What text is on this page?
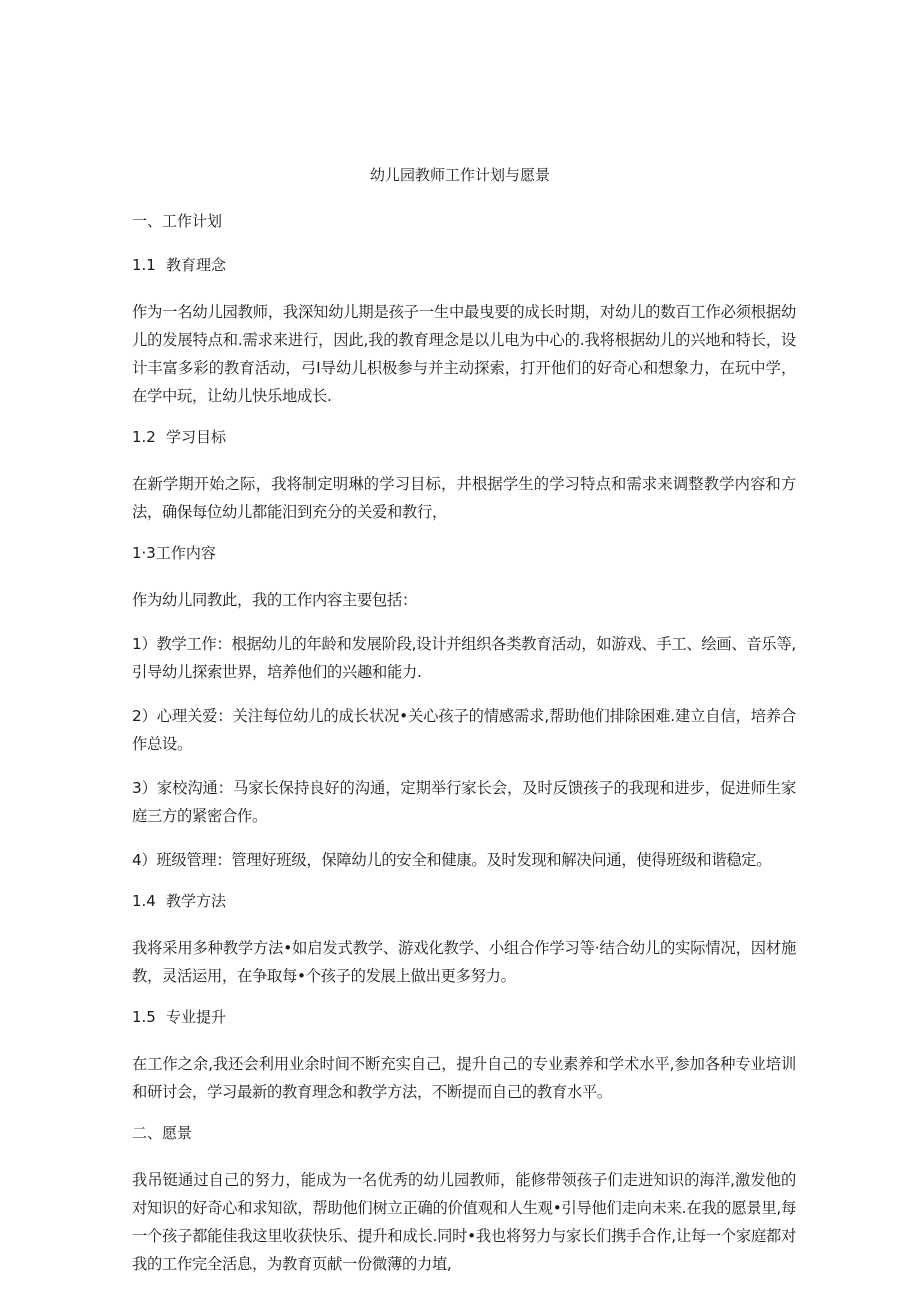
幼儿园教师工作计划与愿景
一、工作计划
1.1 教育理念

作为一名幼儿园教师，我深知幼儿期是孩子一生中最曳要的成长时期，对幼儿的数百工作必须根据幼儿的发展特点和.需求来进行，因此,我的教育理念是以儿电为中心的.我将根据幼儿的兴地和特长，设计丰富多彩的教育活动，弓I导幼儿枳极参与并主动探索，打开他们的好奇心和想象力，在玩中学，在学中玩，让幼儿快乐地成长.

1.2 学习目标

在新学期开始之际，我将制定明琳的学习目标，井根据学生的学习特点和需求来调整教学内容和方法，确保每位幼儿都能汨到充分的关爱和教行，

1·3工作内容

作为幼儿同教此，我的工作内容主要包括：

1）教学工作：根据幼儿的年龄和发展阶段,设计并组织各类教育活动，如游戏、手工、绘画、音乐等,引导幼儿探索世界，培养他们的兴趣和能力.

2）心理关爱：关注每位幼儿的成长状况•关心孩子的情感需求,帮助他们排除困难.建立自信，培养合作总设。

3）家校沟通：马家长保持良好的沟通，定期举行家长会，及时反馈孩子的我现和进步，促进师生家庭三方的紧密合作。

4）班级管理：管理好班级，保障幼儿的安全和健康。及时发现和解决问通，使得班级和谐稳定。

1.4 教学方法

我将采用多种教学方法•如启发式教学、游戏化教学、小组合作学习等·结合幼儿的实际情况，因材施教，灵活运用，在争取每•个孩子的发展上做出更多努力。

1.5 专业提升

在工作之余,我还会利用业余时间不断充实自己，提升自己的专业素养和学术水平,参加各种专业培训和研讨会，学习最新的教育理念和教学方法，不断提而自己的教育水平。

二、愿景

我吊铤通过自己的努力，能成为一名优秀的幼儿园教师，能修带领孩子们走进知识的海洋,激发他的对知识的好奇心和求知欲，帮助他们树立正确的价值观和人生观•引导他们走向未来.在我的愿景里,每一个孩子都能佳我这里收获快乐、提升和成长.同时•我也将努力与家长们携手合作,让每一个家庭都对我的工作完全活息，为教育页献一份微薄的力埴,
